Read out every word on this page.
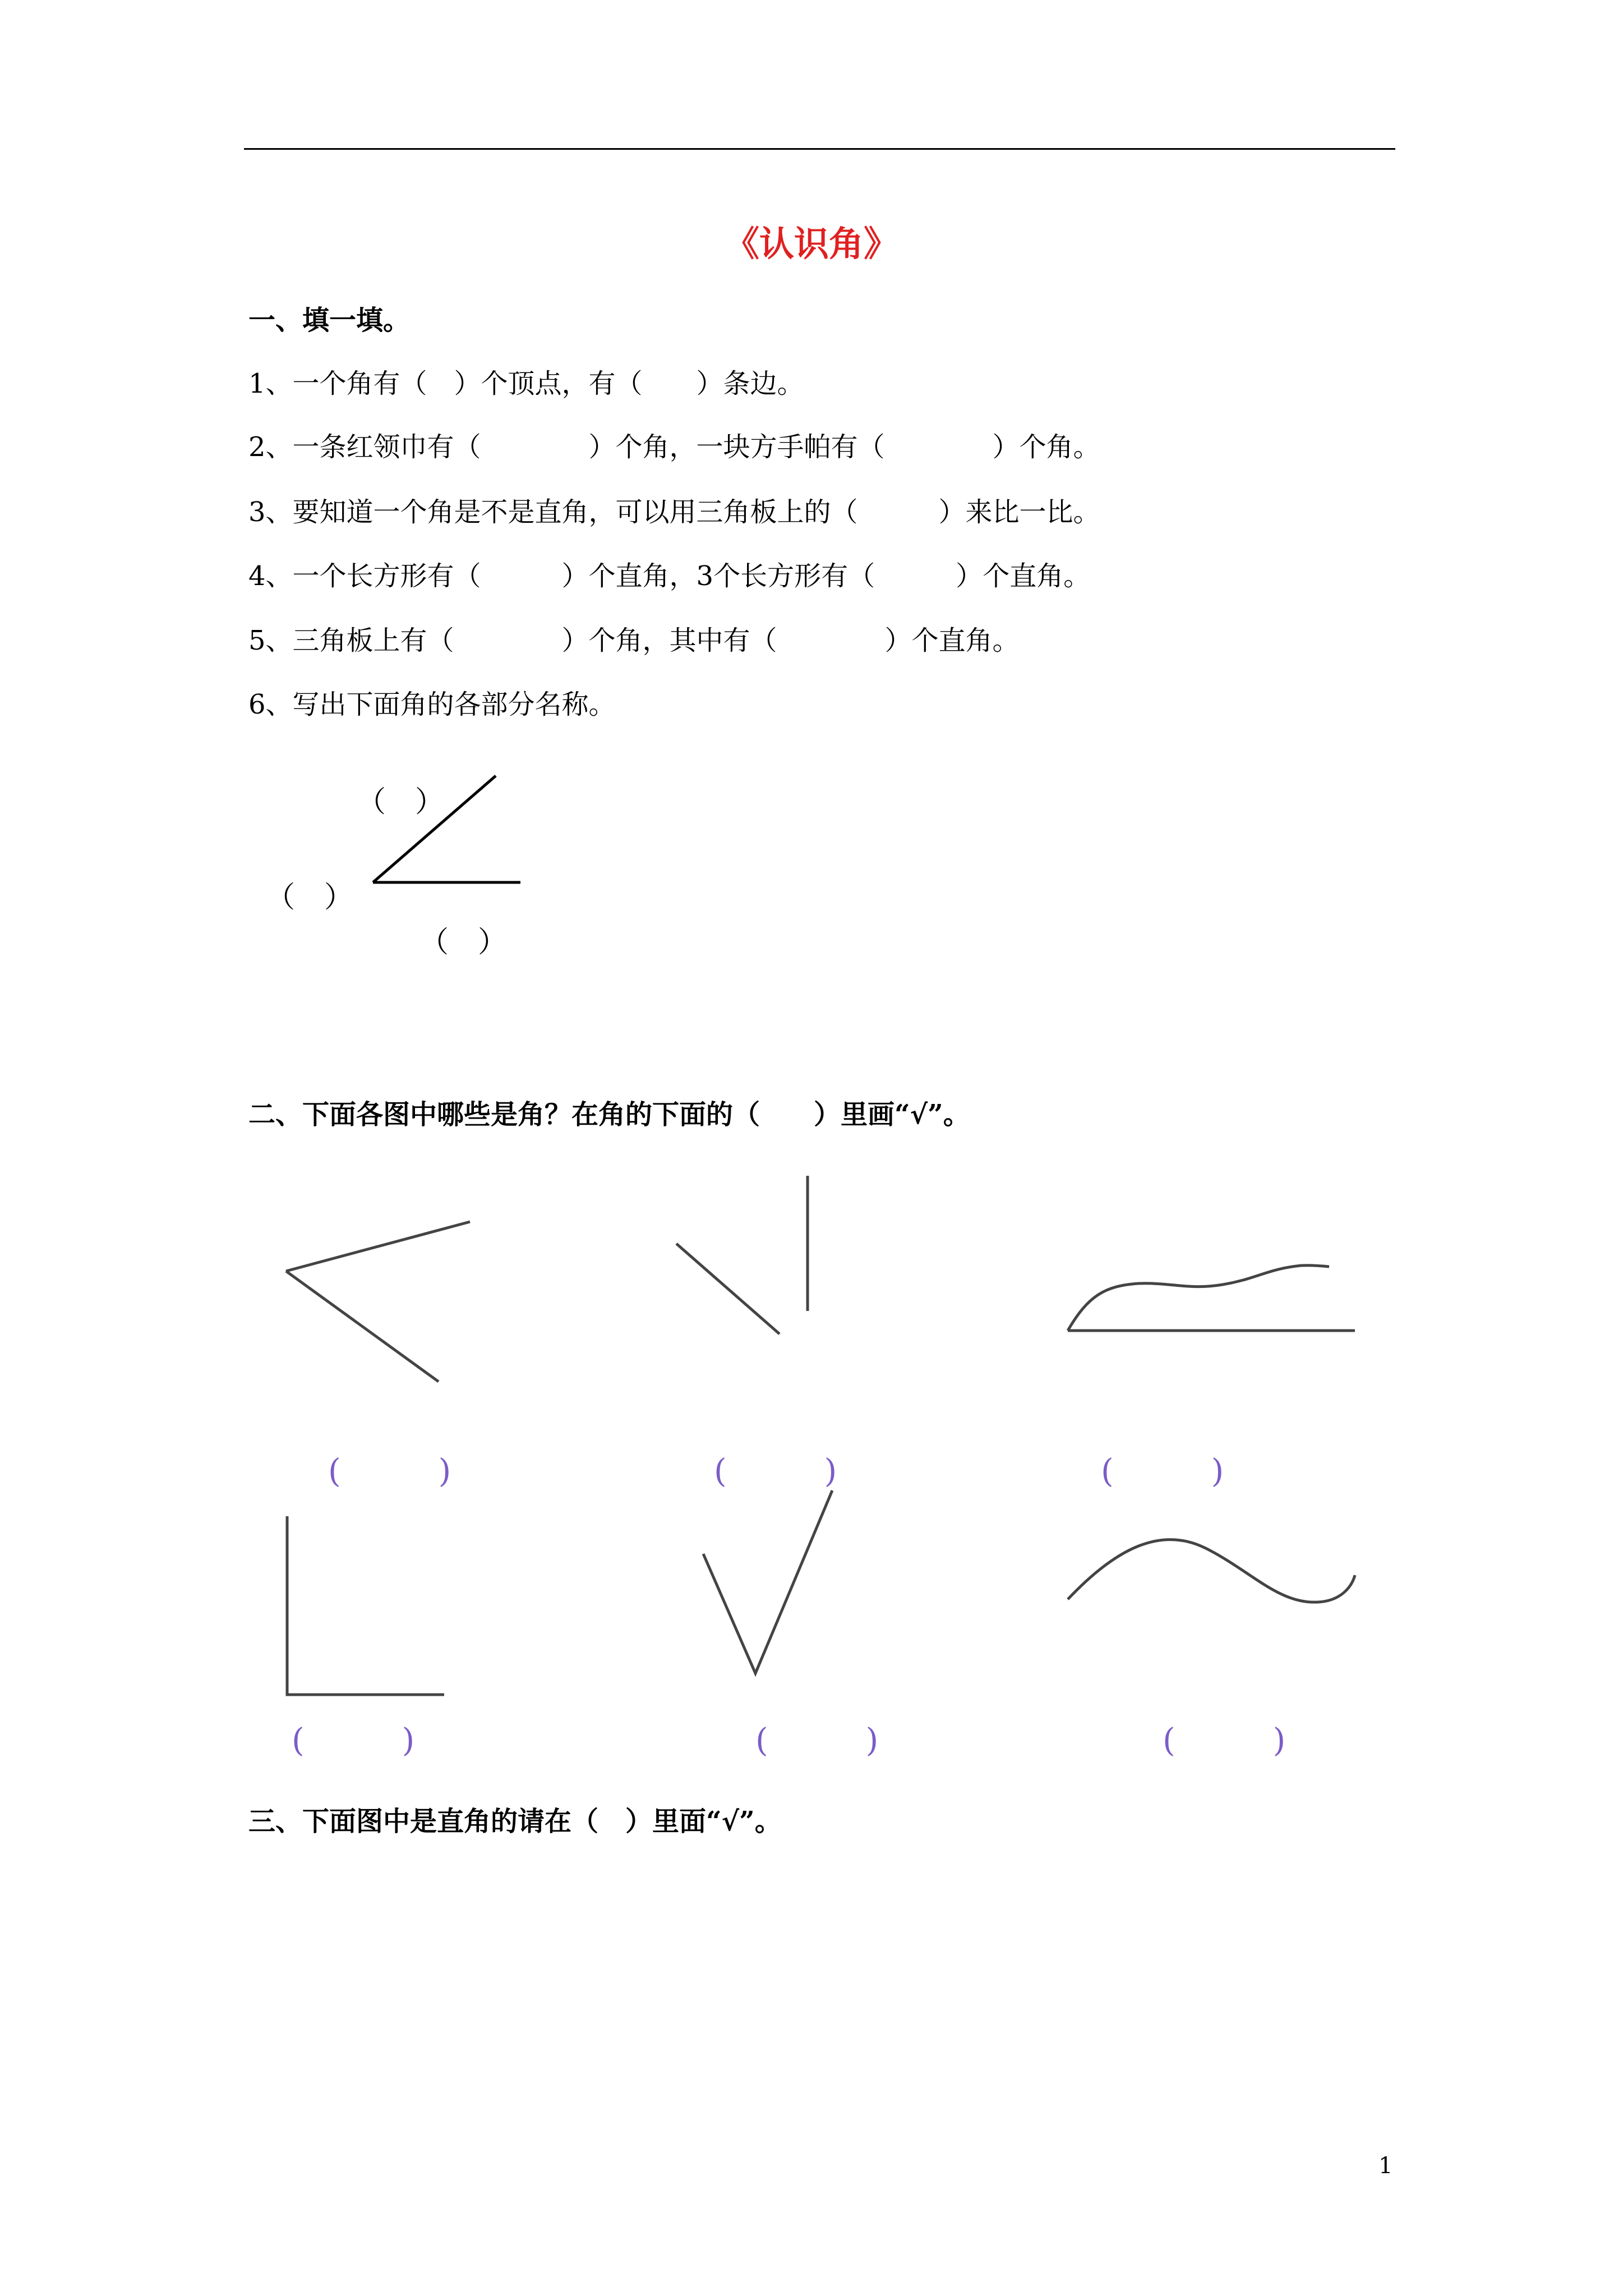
《认识角》
一、填一填。
1、一个角有（　）个顶点，有（　　）条边。
2、一条红领巾有（　　　　）个角，一块方手帕有（　　　　）个角。
3、要知道一个角是不是直角，可以用三角板上的（　　　）来比一比。
4、一个长方形有（　　　）个直角，3个长方形有（　　　）个直角。
5、三角板上有（　　　　）个角，其中有（　　　　）个直角。
6、写出下面角的各部分名称。
（　）
（　）
（　）
二、下面各图中哪些是角？在角的下面的（　　）里画“√”。
(　　　)	(　　　)	(　　　)
(　　　)	(　　　)	(　　　)
三、下面图中是直角的请在（　）里面“√”。
1
